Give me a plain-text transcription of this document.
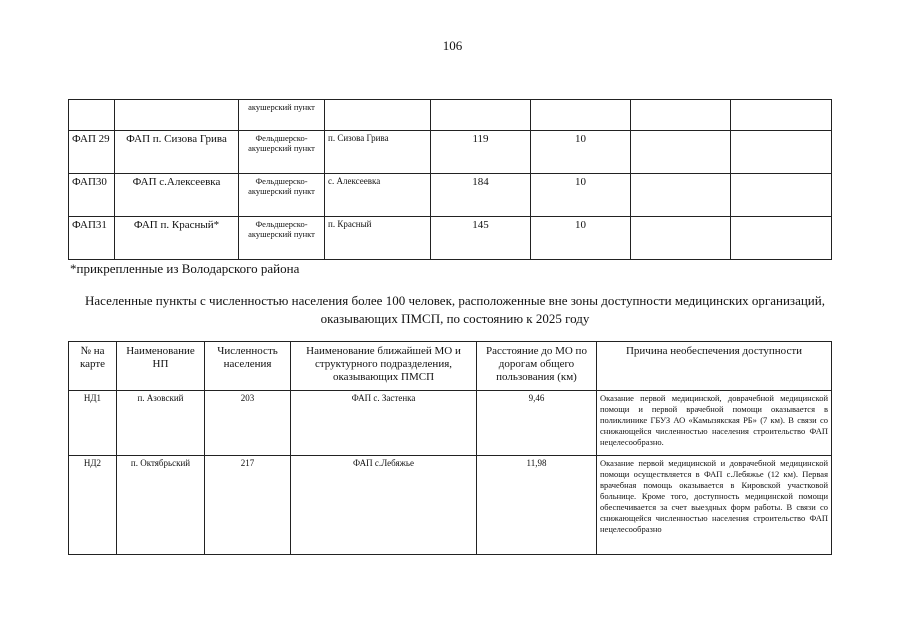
106
		акушерский пункт					
ФАП 29	ФАП п. Сизова Грива	Фельдшерско-акушерский пункт	п. Сизова Грива	119	10		
ФАП30	ФАП с.Алексеевка	Фельдшерско-акушерский пункт	с. Алексеевка	184	10		
ФАП31	ФАП п. Красный*	Фельдшерско-акушерский пункт	п. Красный	145	10		
*прикрепленные из Володарского района
Населенные пункты с численностью населения более 100 человек, расположенные вне зоны доступности медицинских организаций, оказывающих ПМСП, по состоянию к 2025 году
№ на карте	Наименование НП	Численность населения	Наименование ближайшей МО и структурного подразделения, оказывающих ПМСП	Расстояние до МО по дорогам общего пользования (км)	Причина необеспечения доступности
НД1	п. Азовский	203	ФАП с. Застенка	9,46	Оказание первой медицинской, доврачебной медицинской помощи и первой врачебной помощи оказывается в поликлинике ГБУЗ АО «Камызякская РБ» (7 км). В связи со снижающейся численностью населения строительство ФАП нецелесообразно.
НД2	п. Октябрьский	217	ФАП с.Лебяжье	11,98	Оказание первой медицинской и доврачебной медицинской помощи осуществляется в ФАП с.Лебяжье (12 км). Первая врачебная помощь оказывается в Кировской участковой больнице. Кроме того, доступность медицинской помощи обеспечивается за счет выездных форм работы. В связи со снижающейся численностью населения строительство ФАП нецелесообразно
